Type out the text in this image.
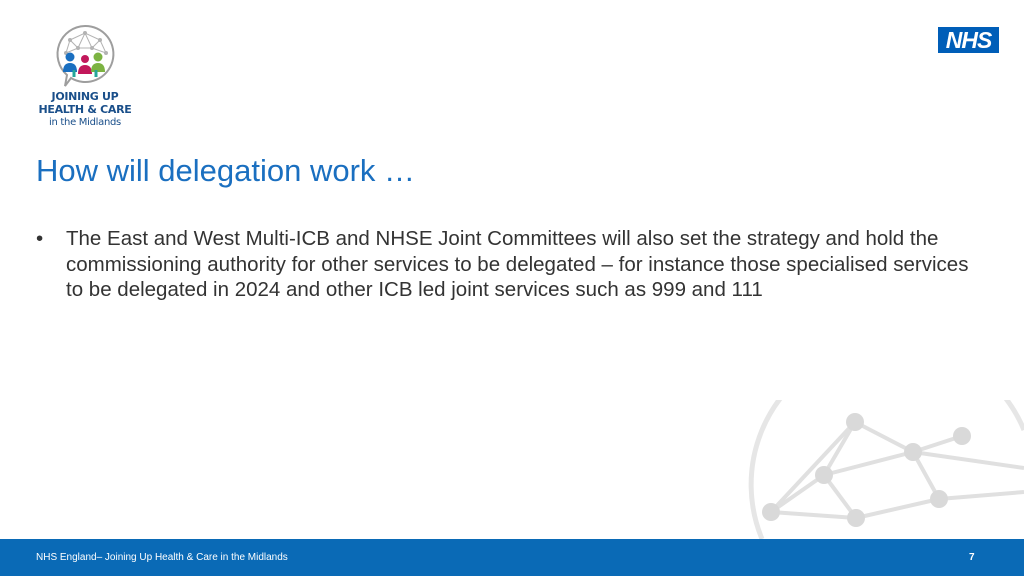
JOINING UP
HEALTH & CARE
in the Midlands
NHS
How will delegation work …
• The East and West Multi-ICB and NHSE Joint Committees will also set the strategy and hold the commissioning authority for other services to be delegated – for instance those specialised services to be delegated in 2024 and other ICB led joint services such as 999 and 111
NHS England– Joining Up Health & Care in the Midlands	7
